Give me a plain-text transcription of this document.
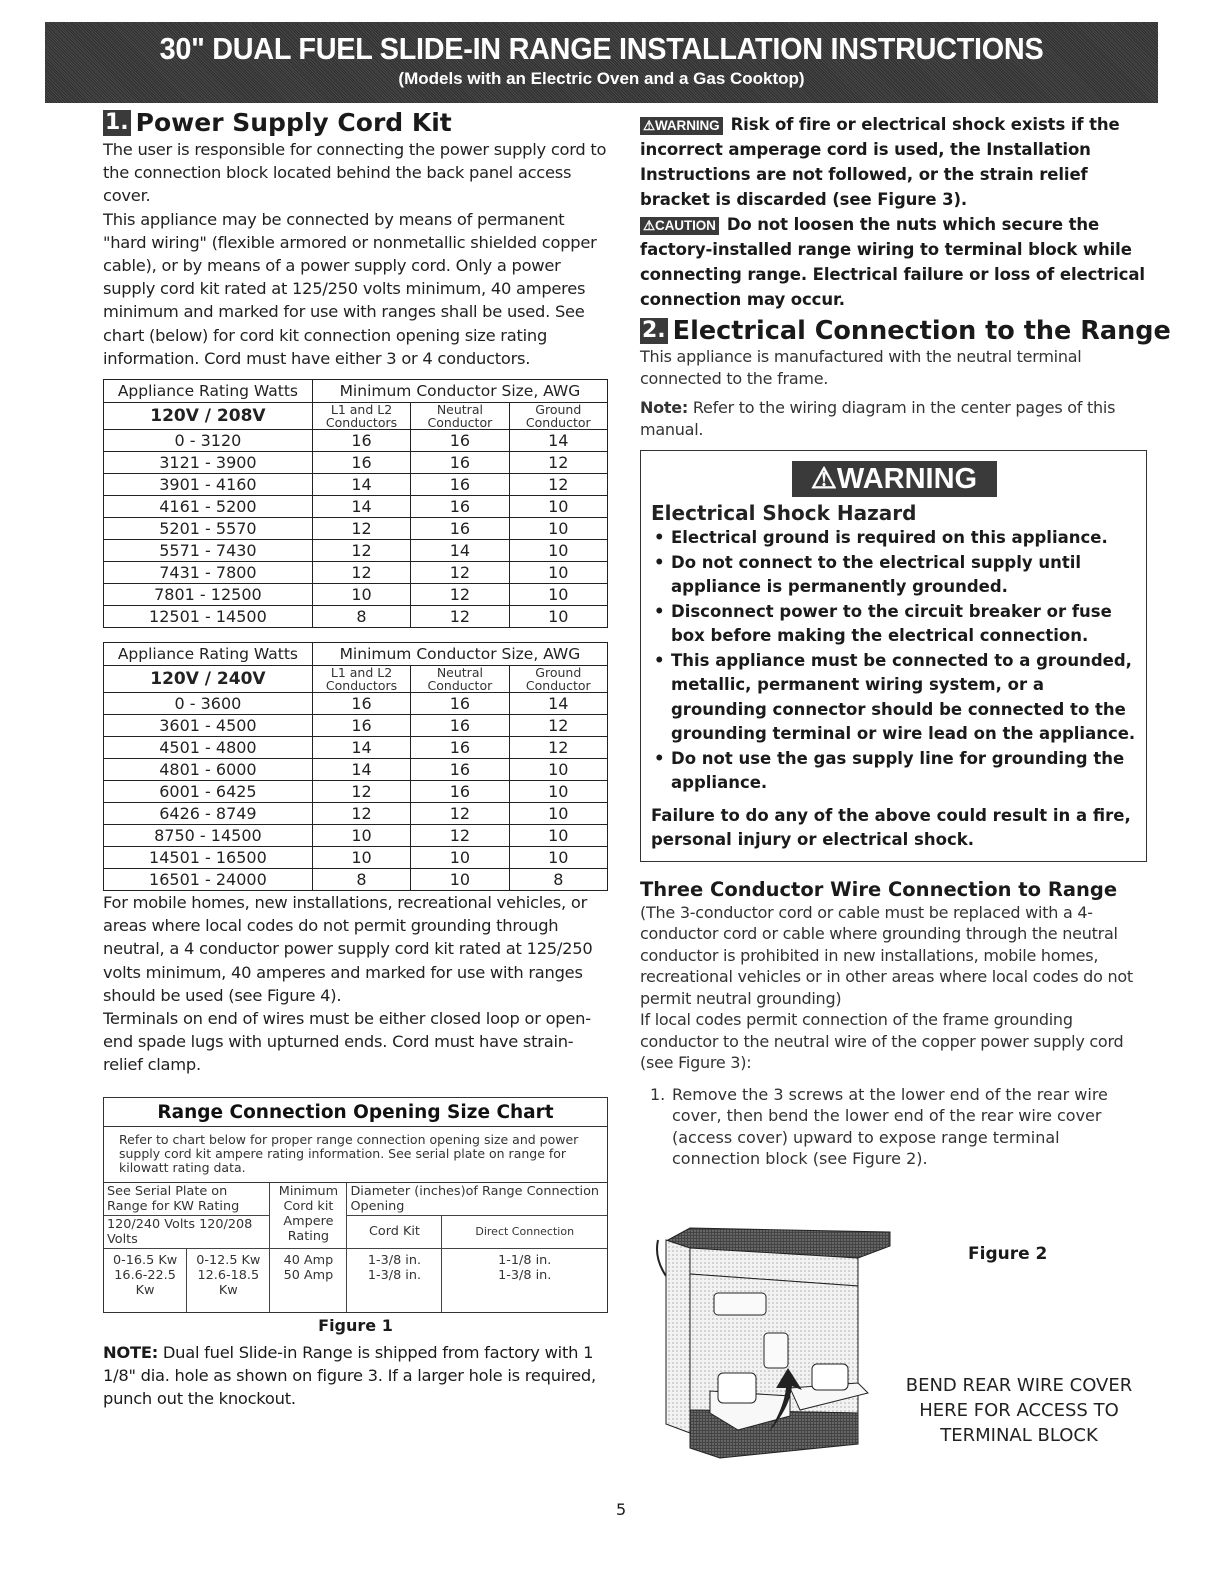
30" DUAL FUEL SLIDE-IN RANGE INSTALLATION INSTRUCTIONS
(Models with an Electric Oven and a Gas Cooktop)
1. Power Supply Cord Kit

The user is responsible for connecting the power supply cord to the connection block located behind the back panel access cover.

This appliance may be connected by means of permanent "hard wiring" (flexible armored or nonmetallic shielded copper cable), or by means of a power supply cord. Only a power supply cord kit rated at 125/250 volts minimum, 40 amperes minimum and marked for use with ranges shall be used. See chart (below) for cord kit connection opening size rating information. Cord must have either 3 or 4 conductors.

Appliance Rating Watts	Minimum Conductor Size, AWG		
120V / 208V	L1 and L2 Conductors	Neutral Conductor	Ground Conductor
0 - 3120	16	16	14
3121 - 3900	16	16	12
3901 - 4160	14	16	12
4161 - 5200	14	16	10
5201 - 5570	12	16	10
5571 - 7430	12	14	10
7431 - 7800	12	12	10
7801 - 12500	10	12	10
12501 - 14500	8	12	10
Appliance Rating Watts	Minimum Conductor Size, AWG		
120V / 240V	L1 and L2 Conductors	Neutral Conductor	Ground Conductor
0 - 3600	16	16	14
3601 - 4500	16	16	12
4501 - 4800	14	16	12
4801 - 6000	14	16	10
6001 - 6425	12	16	10
6426 - 8749	12	12	10
8750 - 14500	10	12	10
14501 - 16500	10	10	10
16501 - 24000	8	10	8

For mobile homes, new installations, recreational vehicles, or areas where local codes do not permit grounding through neutral, a 4 conductor power supply cord kit rated at 125/250 volts minimum, 40 amperes and marked for use with ranges should be used (see Figure 4).

Terminals on end of wires must be either closed loop or open-end spade lugs with upturned ends. Cord must have strain-relief clamp.

Range Connection Opening Size Chart
Refer to chart below for proper range connection opening size and power supply cord kit ampere rating information. See serial plate on range for kilowatt rating data.
See Serial Plate on Range for KW Rating		Minimum Cord kit Ampere Rating	Diameter (inches)of Range Connection Opening	
120/240 Volts 120/208 Volts			Cord Kit	Direct Connection

0-16.5 Kw
16.6-22.5 Kw

0-12.5 Kw
12.6-18.5 Kw

40 Amp
50 Amp

1-3/8 in.
1-3/8 in.

1-1/8 in.
1-3/8 in.
Figure 1
NOTE: Dual fuel Slide-in Range is shipped from factory with 1 1/8" dia. hole as shown on figure 3. If a larger hole is required, punch out the knockout.
⚠WARNING Risk of fire or electrical shock exists if the incorrect amperage cord is used, the Installation Instructions are not followed, or the strain relief bracket is discarded (see Figure 3).
⚠CAUTION Do not loosen the nuts which secure the factory-installed range wiring to terminal block while connecting range. Electrical failure or loss of electrical connection may occur.
2. Electrical Connection to the Range

This appliance is manufactured with the neutral terminal connected to the frame.

Note: Refer to the wiring diagram in the center pages of this manual.

⚠WARNING
Electrical Shock Hazard
• Electrical ground is required on this appliance.
• Do not connect to the electrical supply until appliance is permanently grounded.
• Disconnect power to the circuit breaker or fuse box before making the electrical connection.
• This appliance must be connected to a grounded, metallic, permanent wiring system, or a grounding connector should be connected to the grounding terminal or wire lead on the appliance.
• Do not use the gas supply line for grounding the appliance.
Failure to do any of the above could result in a fire, personal injury or electrical shock.
Three Conductor Wire Connection to Range

(The 3-conductor cord or cable must be replaced with a 4-conductor cord or cable where grounding through the neutral conductor is prohibited in new installations, mobile homes, recreational vehicles or in other areas where local codes do not permit neutral grounding)

If local codes permit connection of the frame grounding conductor to the neutral wire of the copper power supply cord (see Figure 3):

1. Remove the 3 screws at the lower end of the rear wire cover, then bend the lower end of the rear wire cover (access cover) upward to expose range terminal connection block (see Figure 2).
Figure 2
BEND REAR WIRE COVER HERE FOR ACCESS TO TERMINAL BLOCK
5
